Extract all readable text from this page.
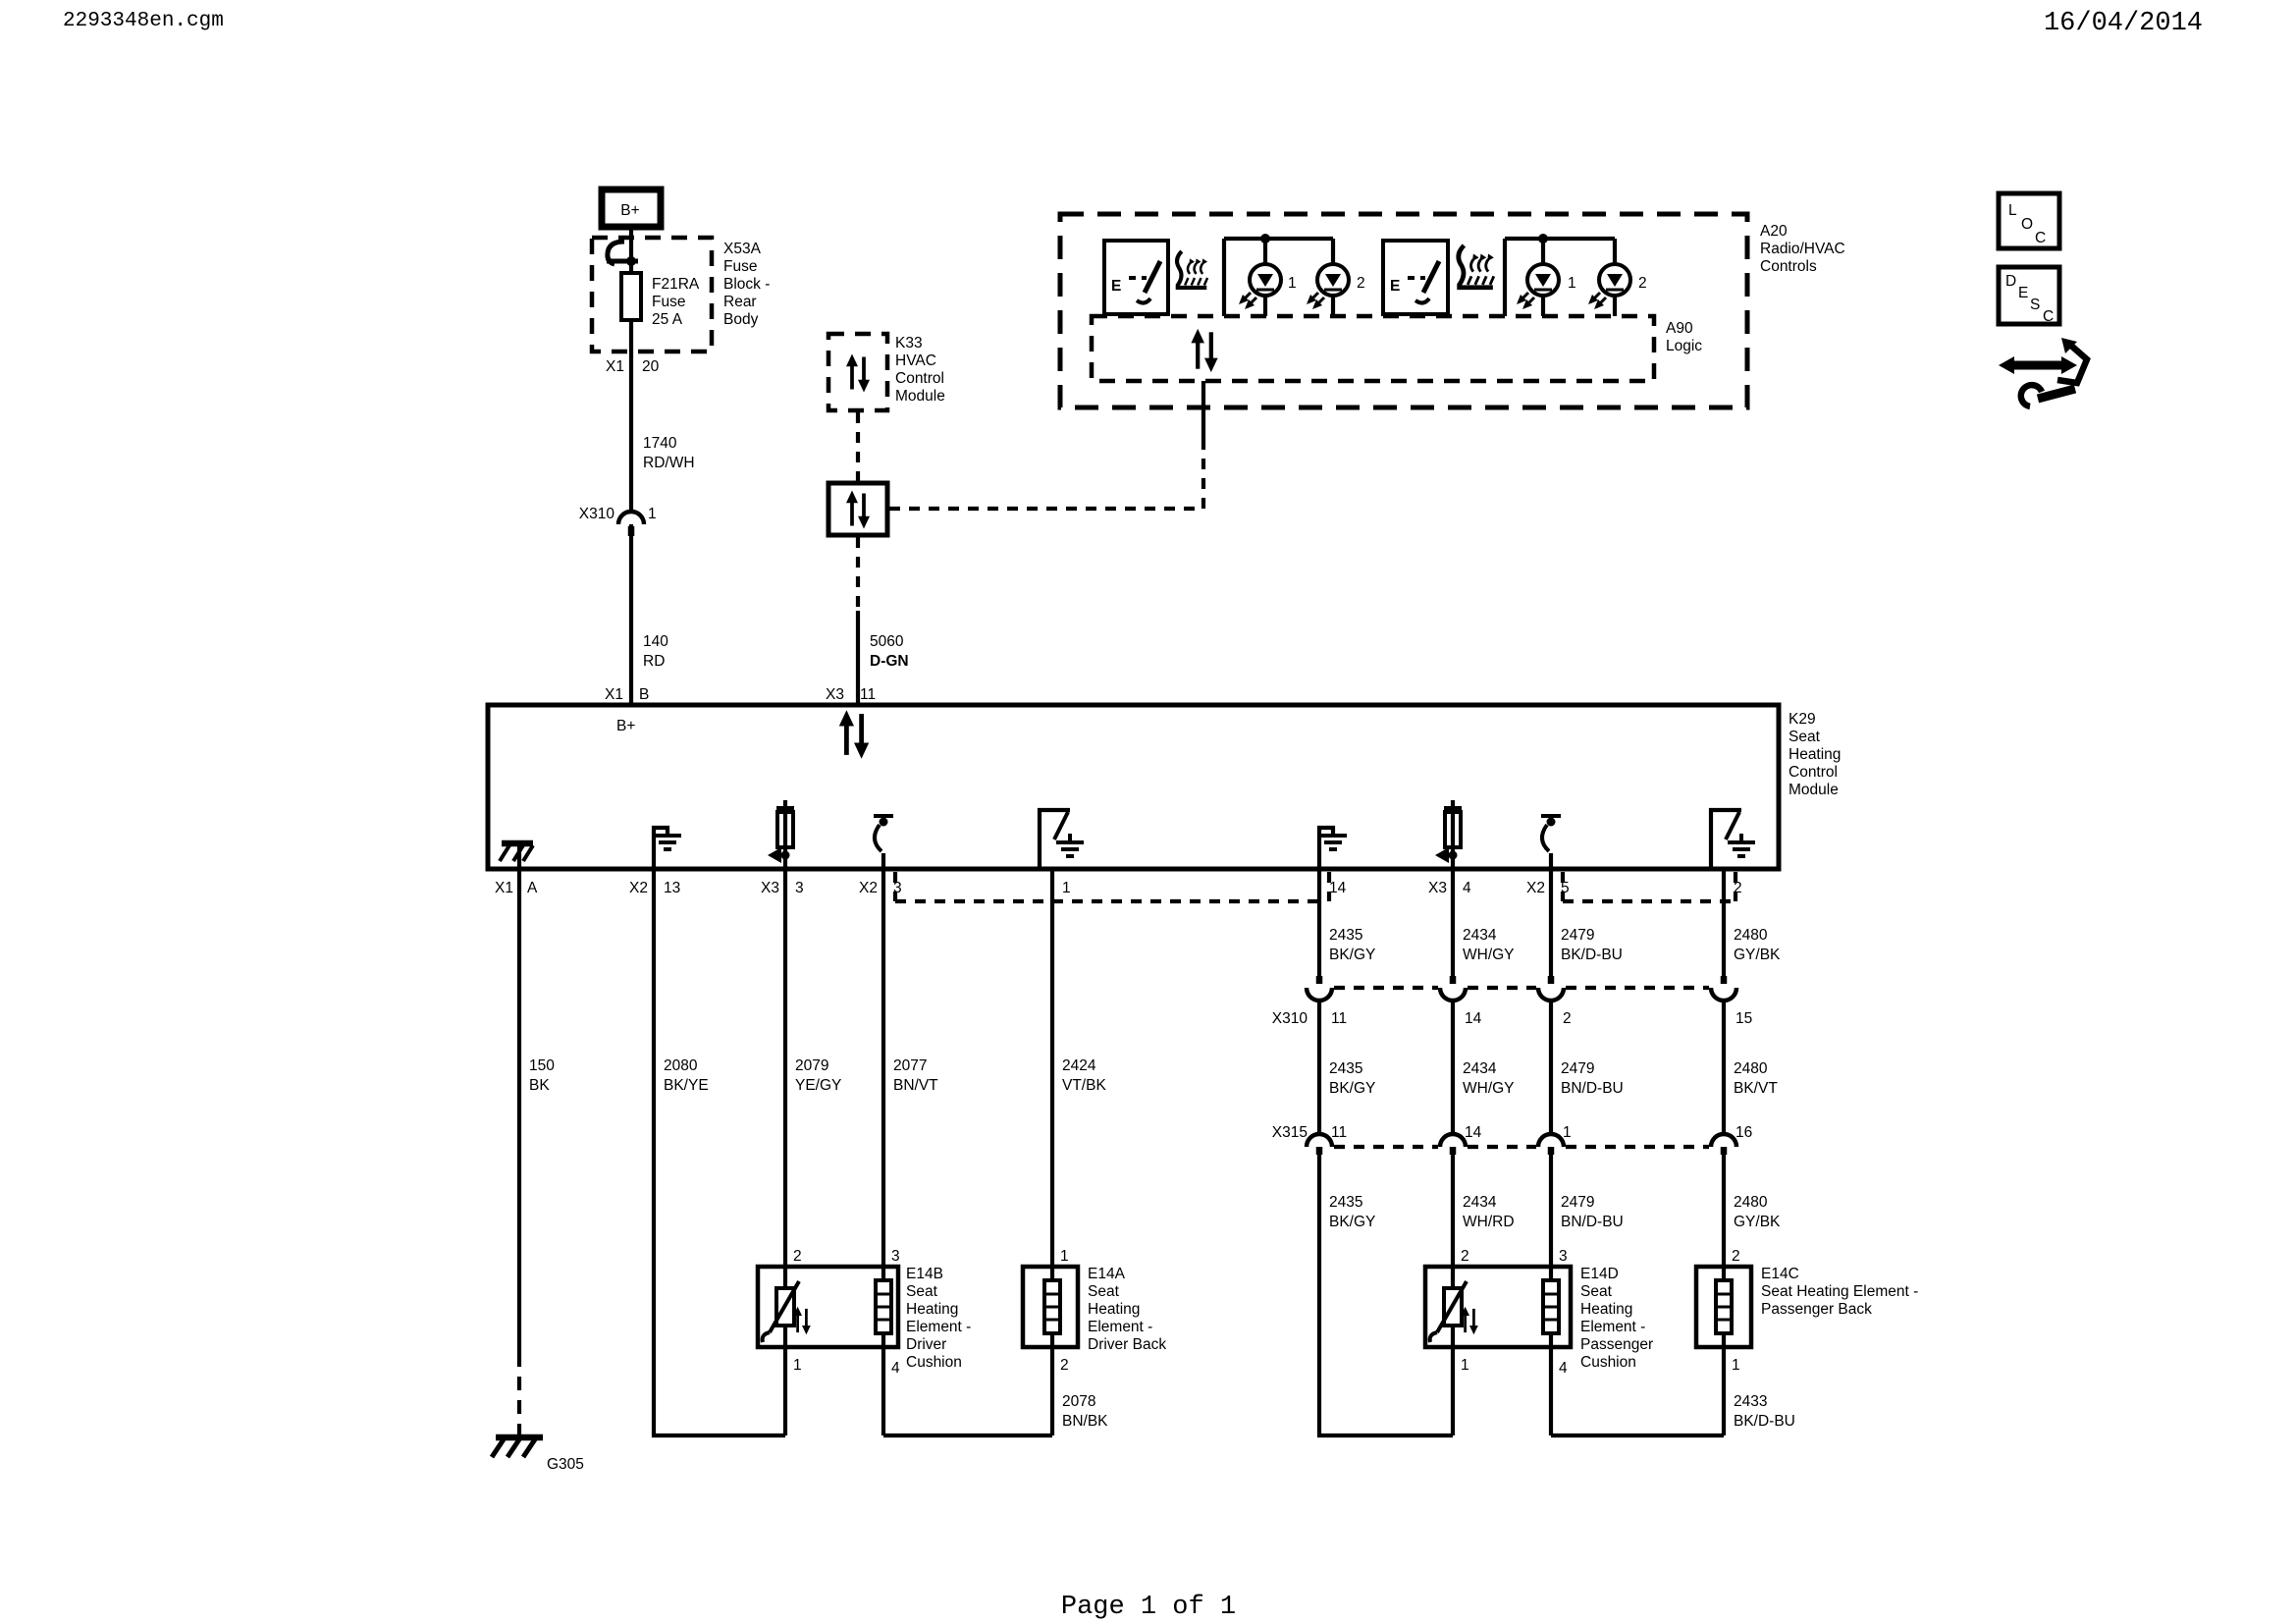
2293348en.cgm	16/04/2014
Page 1 of 1
B+
X53A
Fuse
Block -
Rear
Body
F21RA
Fuse
25 A
X1 20
1740
RD/WH
X310 1
140
RD
X1 B
B+
K33
HVAC
Control
Module
5060
D-GN
X3 11
A20
Radio/HVAC
Controls
A90
Logic
E	E
1	2	1	2
K29
Seat
Heating
Control
Module
X1 A	X2 13	X3 3	X2 3	1	14	X3 4	X2 5	2
150
BK
2080
BK/YE
2079
YE/GY
2077
BN/VT
2424
VT/BK
2435
BK/GY
2434
WH/GY
2479
BK/D-BU
2480
GY/BK
X310 11	14	2	15
2435
BK/GY
2434
WH/GY
2479
BN/D-BU
2480
BK/VT
X315 11	14	1	16
2435
BK/GY
2434
WH/RD
2479
BN/D-BU
2480
GY/BK
2	3	1	2	3	2
E14B
Seat
Heating
Element -
Driver
Cushion
E14A
Seat
Heating
Element -
Driver Back
E14D
Seat
Heating
Element -
Passenger
Cushion
E14C
Seat Heating Element -
Passenger Back
1	4	2	1	4	1
2078
BN/BK
2433
BK/D-BU
G305
L
O
C
D
E
S
C
